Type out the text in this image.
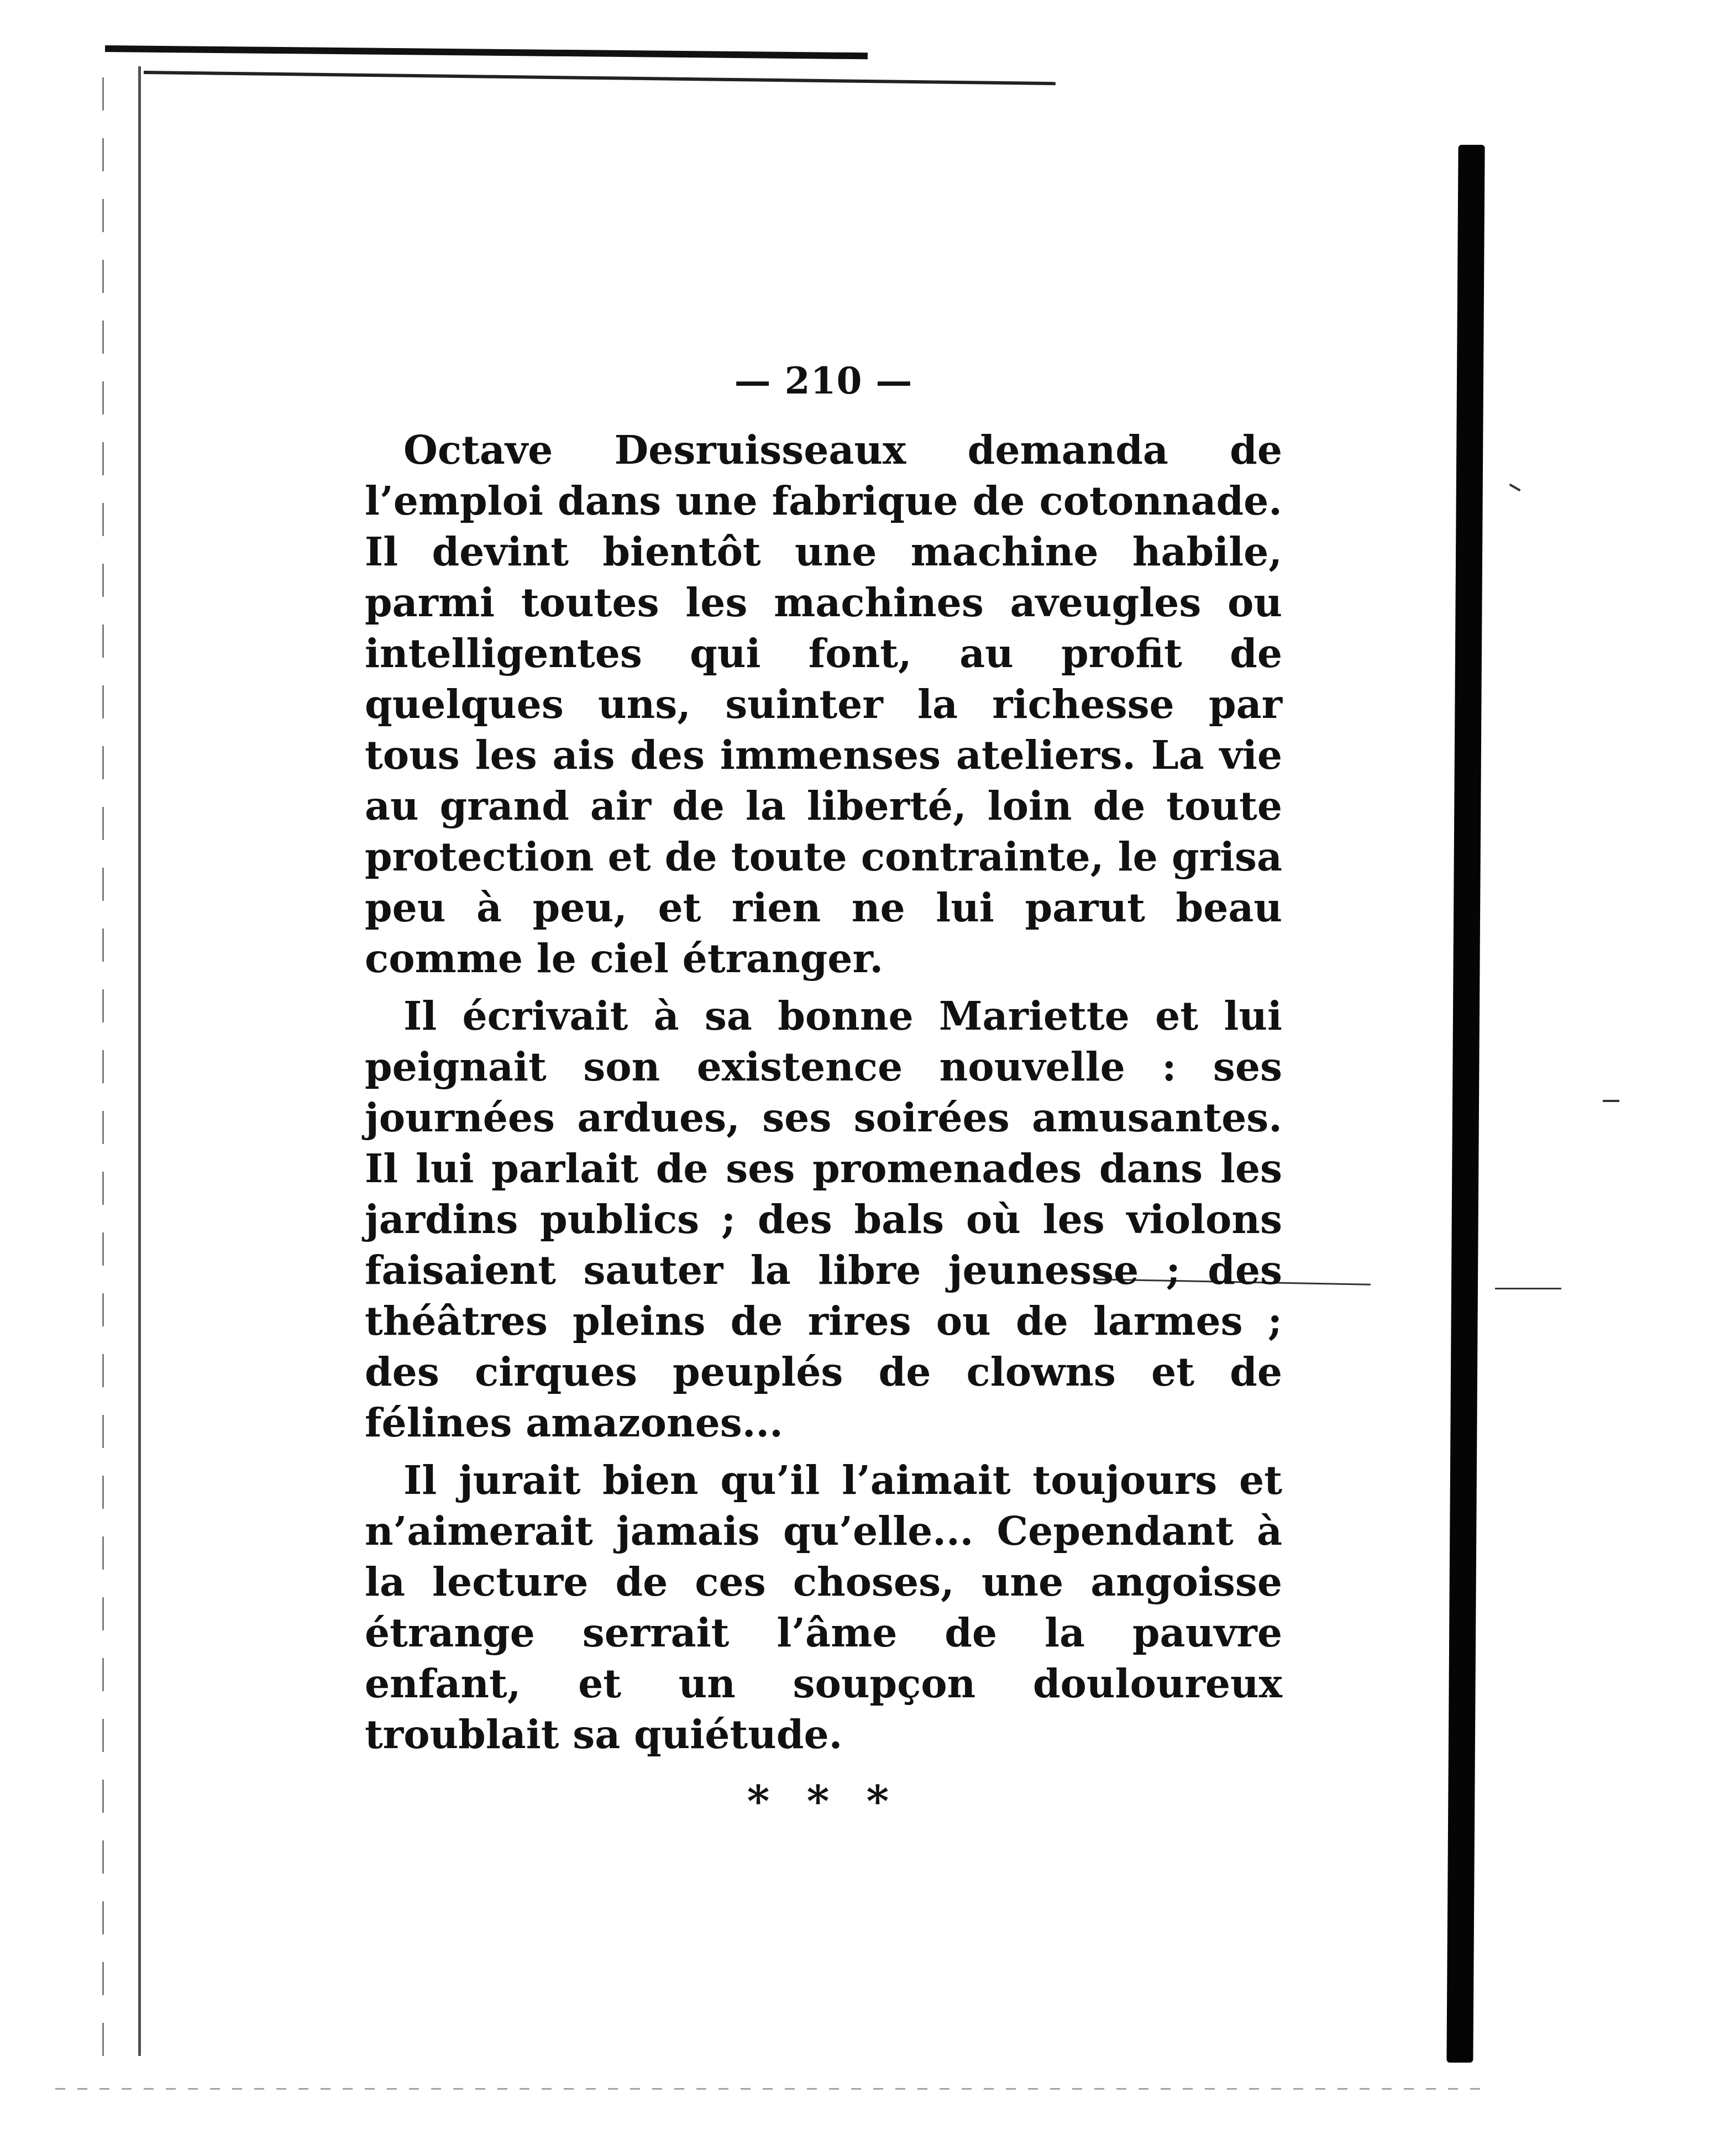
— 210 —

Octave Desruisseaux demanda de l’emploi dans une fabrique de cotonnade. Il devint bientôt une machine habile, parmi toutes les machines aveugles ou intelligentes qui font, au profit de quelques uns, suinter la richesse par tous les ais des immenses ateliers. La vie au grand air de la liberté, loin de toute protection et de toute contrainte, le grisa peu à peu, et rien ne lui parut beau comme le ciel étranger.

Il écrivait à sa bonne Mariette et lui peignait son existence nouvelle : ses journées ardues, ses soirées amusantes. Il lui parlait de ses promenades dans les jardins publics ; des bals où les violons faisaient sauter la libre jeunesse ; des théâtres pleins de rires ou de larmes ; des cirques peuplés de clowns et de félines amazones...

Il jurait bien qu’il l’aimait toujours et n’aimerait jamais qu’elle... Cependant à la lecture de ces choses, une angoisse étrange serrait l’âme de la pauvre enfant, et un soupçon douloureux troublait sa quiétude.

* * *
